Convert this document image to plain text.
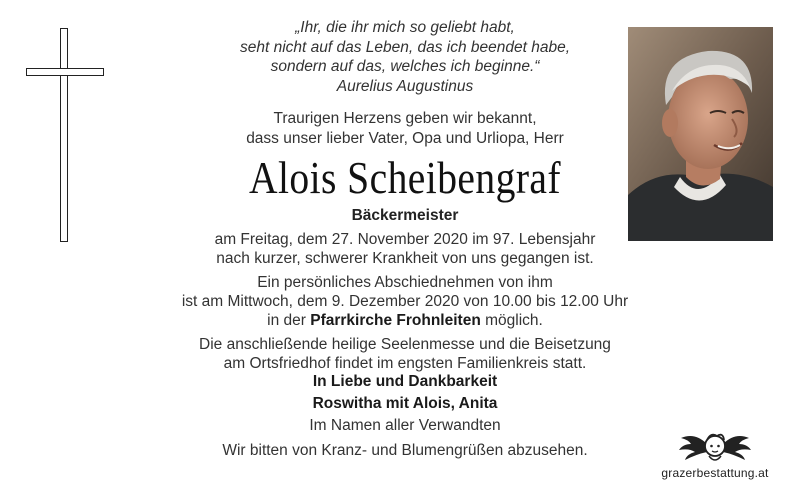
„Ihr, die ihr mich so geliebt habt,
seht nicht auf das Leben, das ich beendet habe,
sondern auf das, welches ich beginne.“
Aurelius Augustinus
Traurigen Herzens geben wir bekannt,
dass unser lieber Vater, Opa und Urliopa, Herr
Alois Scheibengraf
Bäckermeister
am Freitag, dem 27. November 2020 im 97. Lebensjahr
nach kurzer, schwerer Krankheit von uns gegangen ist.
Ein persönliches Abschiednehmen von ihm
ist am Mittwoch, dem 9. Dezember 2020 von 10.00 bis 12.00 Uhr
in der Pfarrkirche Frohnleiten möglich.
Die anschließende heilige Seelenmesse und die Beisetzung
am Ortsfriedhof findet im engsten Familienkreis statt.
In Liebe und Dankbarkeit
Roswitha mit Alois, Anita
Im Namen aller Verwandten
Wir bitten von Kranz- und Blumengrüßen abzusehen.
grazerbestattung.at
